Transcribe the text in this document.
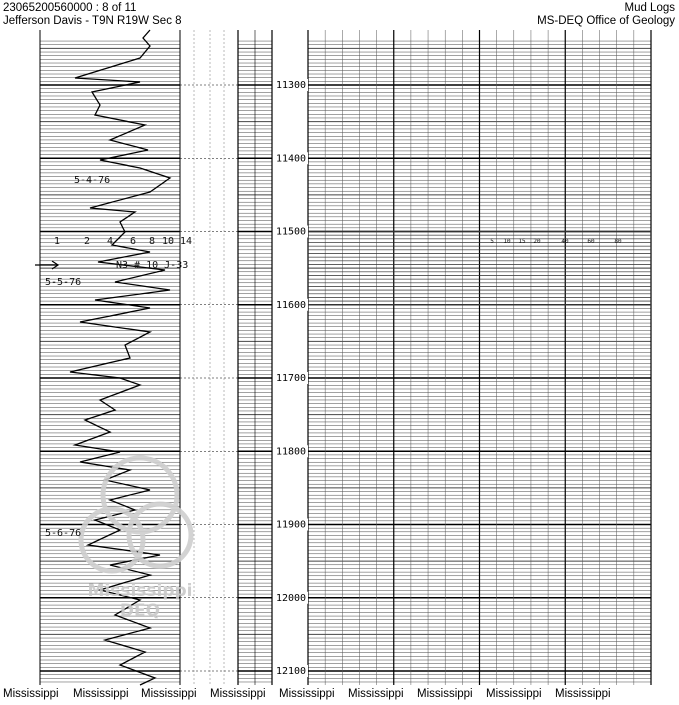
23065200560000 : 8 of 11
Jefferson Davis - T9N R19W Sec 8
Mud Logs
MS-DEQ Office of Geology
Mississippi
DEQ
5-4-76
5-5-76
5-6-76
N3 # 10 J-33
1 2 4 6 8 10 14	5 10 15 20	40	60	80
11300
11400
11500
11600
11700
11800
11900
12000
12100
Mississippi Mississippi Mississippi Mississippi Mississippi Mississippi Mississippi Mississippi Mississippi
